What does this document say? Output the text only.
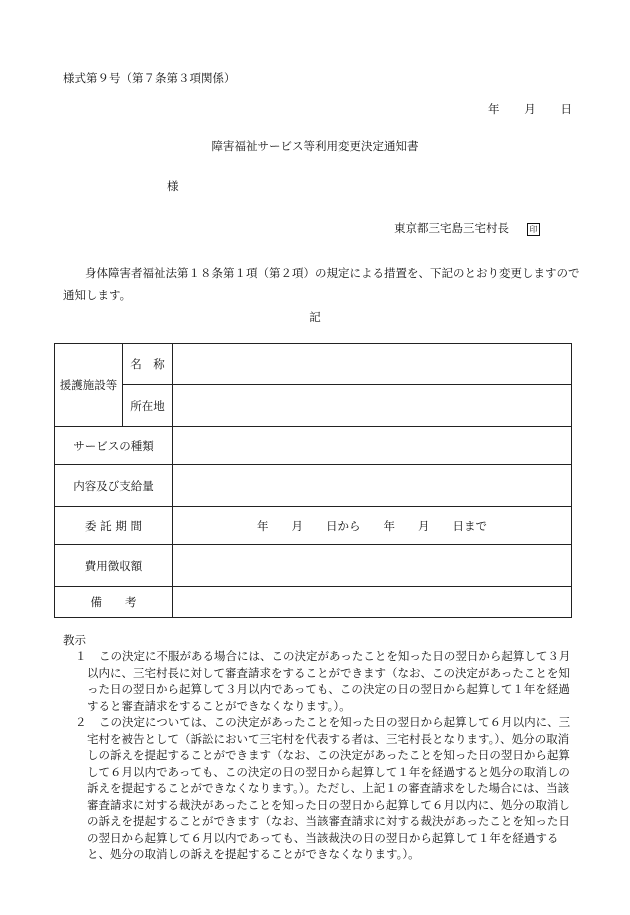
様式第９号（第７条第３項関係）
年 月 日
障害福祉サービス等利用変更決定通知書
様
東京都三宅島三宅村長	印
身体障害者福祉法第１８条第１項（第２項）の規定による措置を、下記のとおり変更しますので通知します。
記
援護施設等	名　称	
	所在地	
サービスの種類		
内容及び支給量		
委 託 期 間		年　　月　　日から　　年　　月　　日まで
費用徴収額		
備　　考		
教示
１	この決定に不服がある場合には、この決定があったことを知った日の翌日から起算して３月以内に、三宅村長に対して審査請求をすることができます（なお、この決定があったことを知った日の翌日から起算して３月以内であっても、この決定の日の翌日から起算して１年を経過すると審査請求をすることができなくなります。）。
２	この決定については、この決定があったことを知った日の翌日から起算して６月以内に、三宅村を被告として（訴訟において三宅村を代表する者は、三宅村長となります。）、処分の取消しの訴えを提起することができます（なお、この決定があったことを知った日の翌日から起算して６月以内であっても、この決定の日の翌日から起算して１年を経過すると処分の取消しの訴えを提起することができなくなります。）。ただし、上記１の審査請求をした場合には、当該審査請求に対する裁決があったことを知った日の翌日から起算して６月以内に、処分の取消しの訴えを提起することができます（なお、当該審査請求に対する裁決があったことを知った日の翌日から起算して６月以内であっても、当該裁決の日の翌日から起算して１年を経過すると、処分の取消しの訴えを提起することができなくなります。）。
